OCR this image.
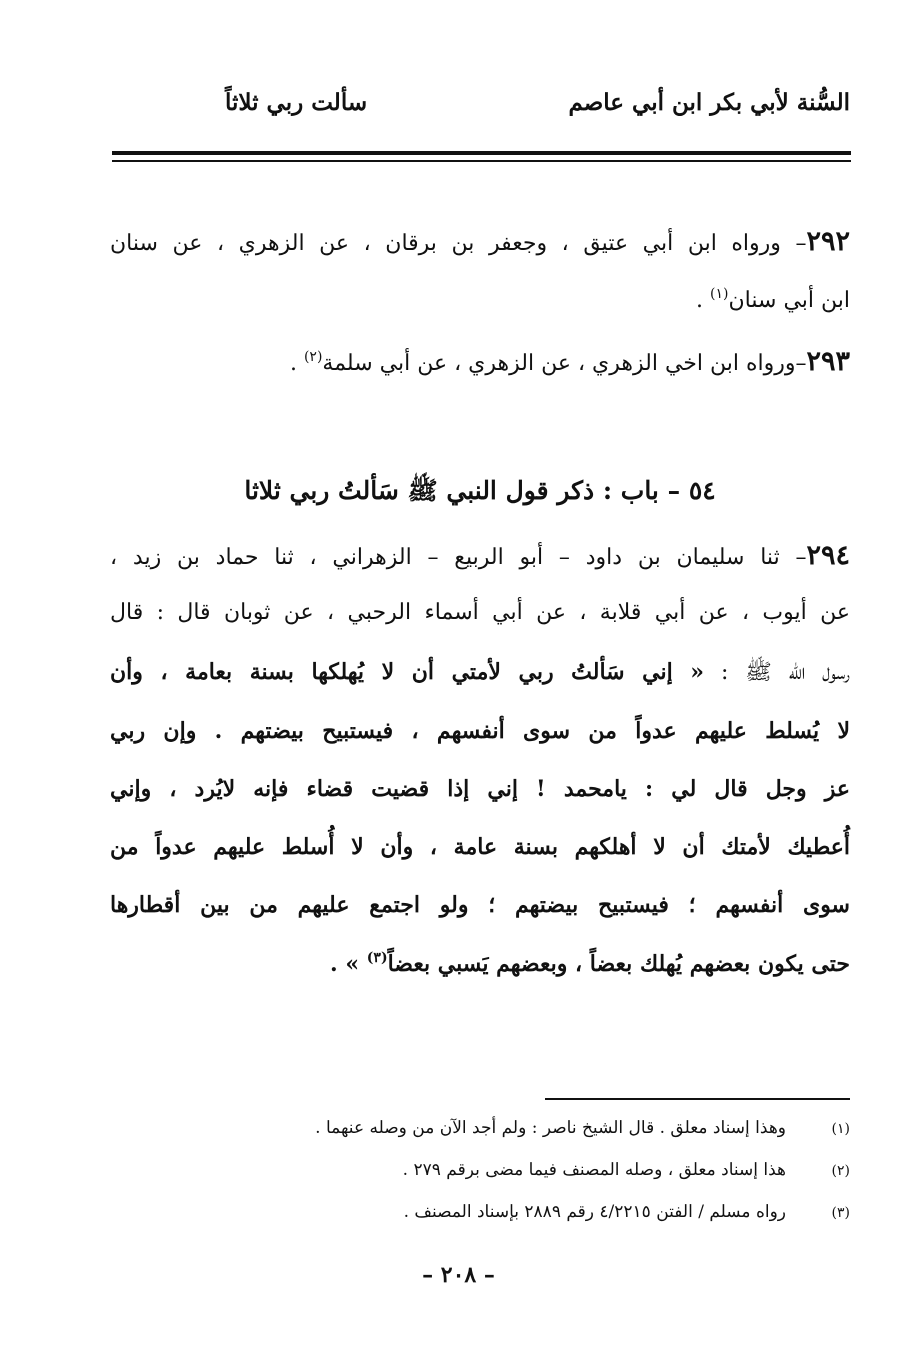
السُّنة لأبي بكر ابن أبي عاصم
سألت ربي ثلاثاً
٢٩٢– ورواه ابن أبي عتيق ، وجعفر بن برقان ، عن الزهري ، عن سنان
ابن أبي سنان$^{(١)}$ .
٢٩٣–ورواه ابن اخي الزهري ، عن الزهري ، عن أبي سلمة$^{(٢)}$ .
٥٤ – باب : ذكر قول النبي ﷺ سَألتُ ربي ثلاثا
٢٩٤– ثنا سليمان بن داود – أبو الربيع – الزهراني ، ثنا حماد بن زيد ،
عن أيوب ، عن أبي قلابة ، عن أبي أسماء الرحبي ، عن ثوبان قال : قال
رسول الله ﷺ : « إني سَألتُ ربي لأمتي أن لا يُهلكها بسنة بعامة ، وأن
لا يُسلط عليهم عدواً من سوى أنفسهم ، فيستبيح بيضتهم . وإن ربي
عز وجل قال لي : يامحمد ! إني إذا قضيت قضاء فإنه لايُرد ، وإني
أُعطيك لأمتك أن لا أهلكهم بسنة عامة ، وأن لا أُسلط عليهم عدواً من
سوى أنفسهم ؛ فيستبيح بيضتهم ؛ ولو اجتمع عليهم من بين أقطارها
حتى يكون بعضهم يُهلك بعضاً ، وبعضهم يَسبي بعضاً$^{(٣)}$ » .
(١)
وهذا إسناد معلق . قال الشيخ ناصر : ولم أجد الآن من وصله عنهما .
(٢)
هذا إسناد معلق ، وصله المصنف فيما مضى برقم ٢٧٩ .
(٣)
رواه مسلم / الفتن ٤/٢٢١٥ رقم ٢٨٨٩ بإسناد المصنف .
– ٢٠٨ –
